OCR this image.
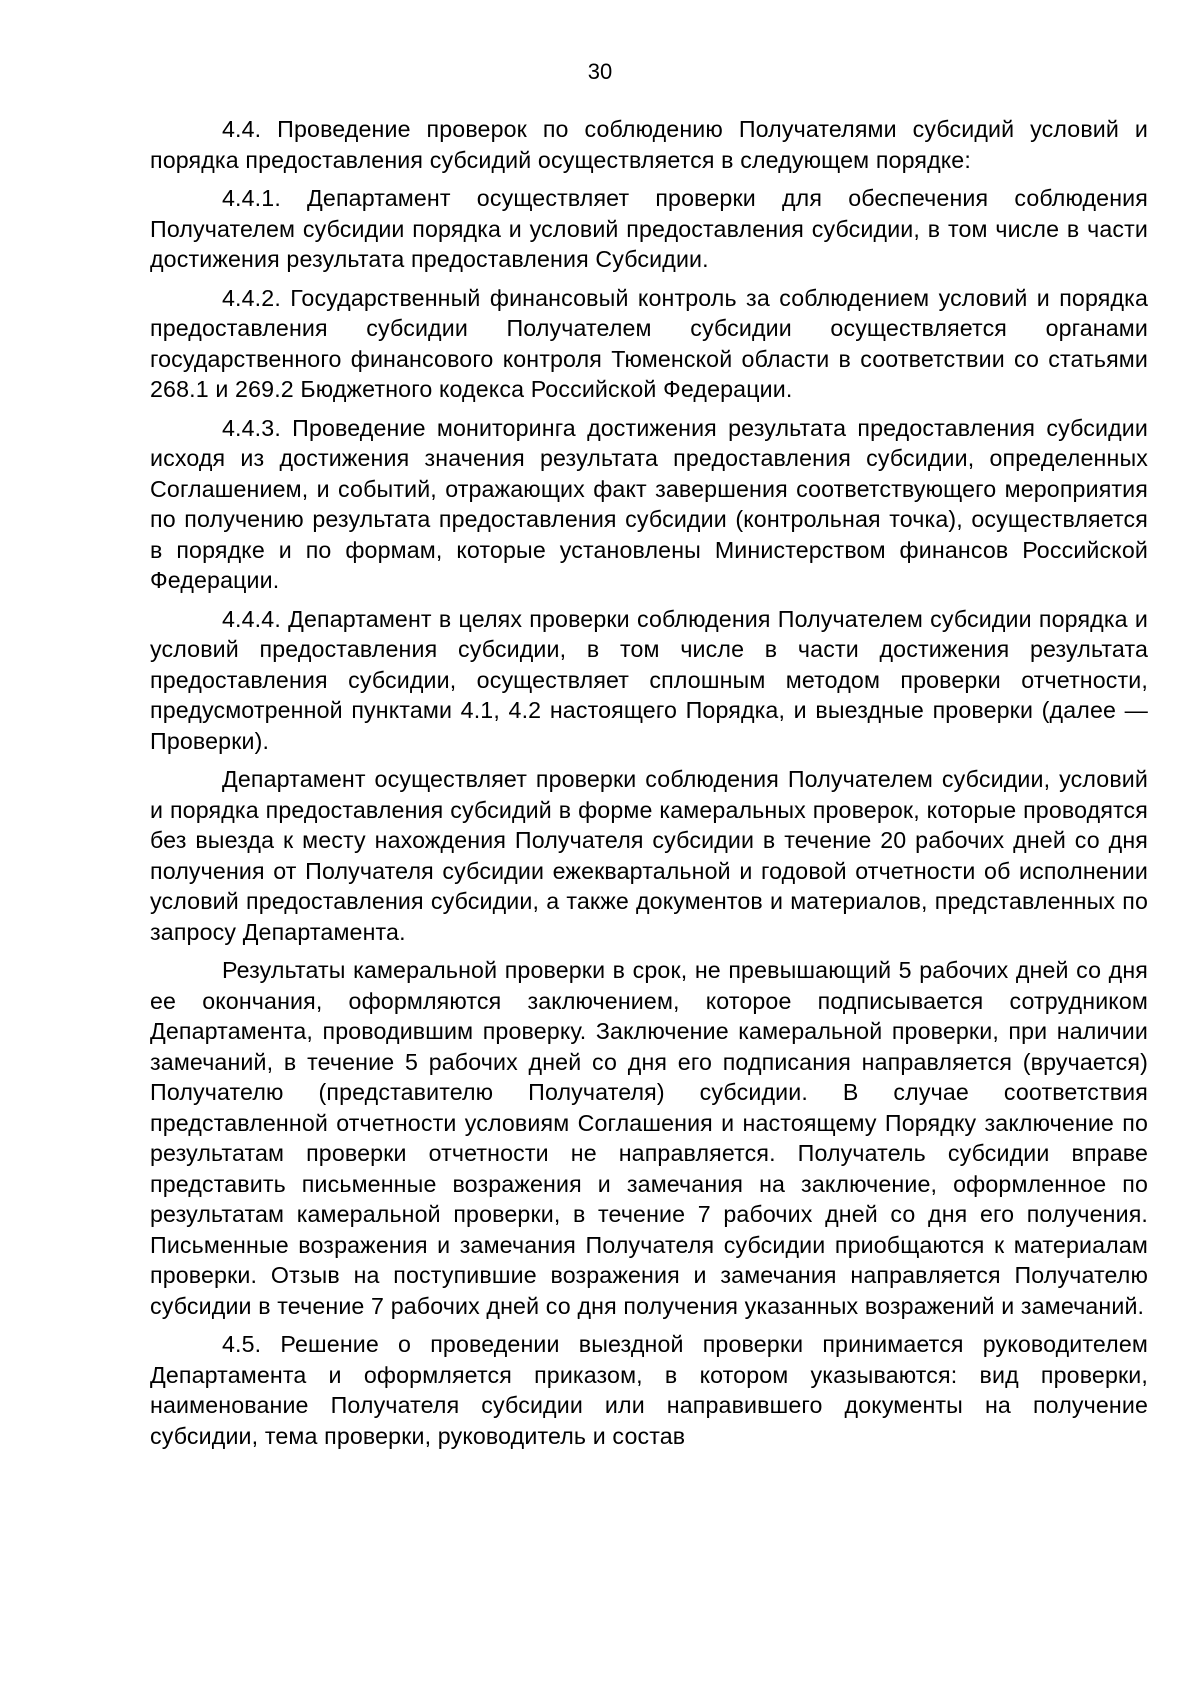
30

4.4. Проведение проверок по соблюдению Получателями субсидий условий и порядка предоставления субсидий осуществляется в следующем порядке:

4.4.1. Департамент осуществляет проверки для обеспечения соблюдения Получателем субсидии порядка и условий предоставления субсидии, в том числе в части достижения результата предоставления Субсидии.

4.4.2. Государственный финансовый контроль за соблюдением условий и порядка предоставления субсидии Получателем субсидии осуществляется органами государственного финансового контроля Тюменской области в соответствии со статьями 268.1 и 269.2 Бюджетного кодекса Российской Федерации.

4.4.3. Проведение мониторинга достижения результата предоставления субсидии исходя из достижения значения результата предоставления субсидии, определенных Соглашением, и событий, отражающих факт завершения соответствующего мероприятия по получению результата предоставления субсидии (контрольная точка), осуществляется в порядке и по формам, которые установлены Министерством финансов Российской Федерации.

4.4.4. Департамент в целях проверки соблюдения Получателем субсидии порядка и условий предоставления субсидии, в том числе в части достижения результата предоставления субсидии, осуществляет сплошным методом проверки отчетности, предусмотренной пунктами 4.1, 4.2 настоящего Порядка, и выездные проверки (далее — Проверки).

Департамент осуществляет проверки соблюдения Получателем субсидии, условий и порядка предоставления субсидий в форме камеральных проверок, которые проводятся без выезда к месту нахождения Получателя субсидии в течение 20 рабочих дней со дня получения от Получателя субсидии ежеквартальной и годовой отчетности об исполнении условий предоставления субсидии, а также документов и материалов, представленных по запросу Департамента.

Результаты камеральной проверки в срок, не превышающий 5 рабочих дней со дня ее окончания, оформляются заключением, которое подписывается сотрудником Департамента, проводившим проверку. Заключение камеральной проверки, при наличии замечаний, в течение 5 рабочих дней со дня его подписания направляется (вручается) Получателю (представителю Получателя) субсидии. В случае соответствия представленной отчетности условиям Соглашения и настоящему Порядку заключение по результатам проверки отчетности не направляется. Получатель субсидии вправе представить письменные возражения и замечания на заключение, оформленное по результатам камеральной проверки, в течение 7 рабочих дней со дня его получения. Письменные возражения и замечания Получателя субсидии приобщаются к материалам проверки. Отзыв на поступившие возражения и замечания направляется Получателю субсидии в течение 7 рабочих дней со дня получения указанных возражений и замечаний.

4.5. Решение о проведении выездной проверки принимается руководителем Департамента и оформляется приказом, в котором указываются: вид проверки, наименование Получателя субсидии или направившего документы на получение субсидии, тема проверки, руководитель и состав
